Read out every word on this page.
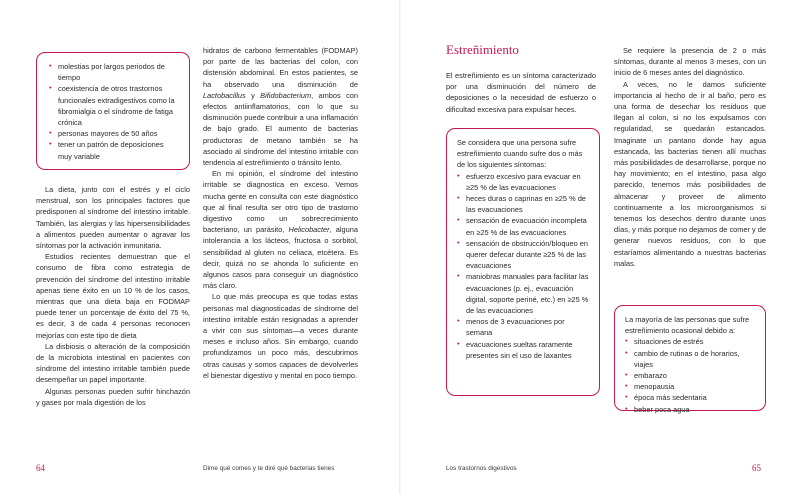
• molestias por largos periodos de tiempo
• coexistencia de otros trastornos funcionales extradigestivos como la fibromialgia o el síndrome de fatiga crónica
• personas mayores de 50 años
• tener un patrón de deposiciones muy variable

La dieta, junto con el estrés y el ciclo menstrual, son los principales factores que predisponen al síndrome del intestino irritable. También, las alergias y las hipersensibilidades a alimentos pueden aumentar o agravar los síntomas por la activación inmunitaria.

Estudios recientes demuestran que el consumo de fibra como estrategia de prevención del síndrome del intestino irritable apenas tiene éxito en un 10 % de los casos, mientras que una dieta baja en FODMAP puede tener un porcentaje de éxito del 75 %, es decir, 3 de cada 4 personas reconocen mejorías con este tipo de dieta

La disbiosis o alteración de la composición de la microbiota intestinal en pacientes con síndrome del intestino irritable también puede desempeñar un papel importante.

Algunas personas pueden sufrir hinchazón y gases por mala digestión de los

hidratos de carbono fermentables (FODMAP) por parte de las bacterias del colon, con distensión abdominal. En estos pacientes, se ha observado una disminución de Lactobacillus y Bifidobacterium, ambos con efectos antiinflamatorios, con lo que su disminución puede contribuir a una inflamación de bajo grado. El aumento de bacterias productoras de metano también se ha asociado al síndrome del intestino irritable con tendencia al estreñimiento o tránsito lento.

En mi opinión, el síndrome del intestino irritable se diagnostica en exceso. Vemos mucha gente en consulta con este diagnóstico que al final resulta ser otro tipo de trastorno digestivo como un sobrecrecimiento bacteriano, un parásito, Helicobacter, alguna intolerancia a los lácteos, fructosa o sorbitol, sensibilidad al gluten no celiaca, etcétera. Es decir, quizá no se ahonda lo suficiente en algunos casos para conseguir un diagnóstico más claro.

Lo que más preocupa es que todas estas personas mal diagnosticadas de síndrome del intestino irritable están resignadas a aprender a vivir con sus síntomas—a veces durante meses e incluso años. Sin embargo, cuando profundizamos un poco más, descubrimos otras causas y somos capaces de devolverles el bienestar digestivo y mental en poco tiempo.

64	Dime qué comes y te diré qué bacterias tienes
Estreñimiento

El estreñimiento es un síntoma caracterizado por una disminución del número de deposiciones o la necesidad de esfuerzo o dificultad excesiva para expulsar heces.

Se considera que una persona sufre estreñimiento cuando sufre dos o más de los siguientes síntomas:
• esfuerzo excesivo para evacuar en ≥25 % de las evacuaciones
• heces duras o caprinas en ≥25 % de las evacuaciones
• sensación de evacuación incompleta en ≥25 % de las evacuaciones
• sensación de obstrucción/bloqueo en querer defecar durante ≥25 % de las evacuaciones
• maniobras manuales para facilitar las evacuaciones (p. ej., evacuación digital, soporte periné, etc.) en ≥25 % de las evacuaciones
• menos de 3 evacuaciones por semana
• evacuaciones sueltas raramente presentes sin el uso de laxantes

Se requiere la presencia de 2 o más síntomas, durante al menos 3 meses, con un inicio de 6 meses antes del diagnóstico.

A veces, no le damos suficiente importancia al hecho de ir al baño, pero es una forma de desechar los residuos que llegan al colon, si no los expulsamos con regularidad, se quedarán estancados. Imaginate un pantano donde hay agua estancada, las bacterias tienen allí muchas más posibilidades de desarrollarse, porque no hay movimiento; en el intestino, pasa algo parecido, tenemos más posibilidades de almacenar y proveer de alimento continuamente a los microorganismos si tenemos los desechos dentro durante unos días, y más porque no dejamos de comer y de generar nuevos residuos, con lo que estaríamos alimentando a nuestras bacterias malas.

La mayoría de las personas que sufre estreñimiento ocasional debido a:
• situaciones de estrés
• cambio de rutinas o de horarios, viajes
• embarazo
• menopausia
• época más sedentaria
• beber poca agua
Los trastornos digestivos	65
